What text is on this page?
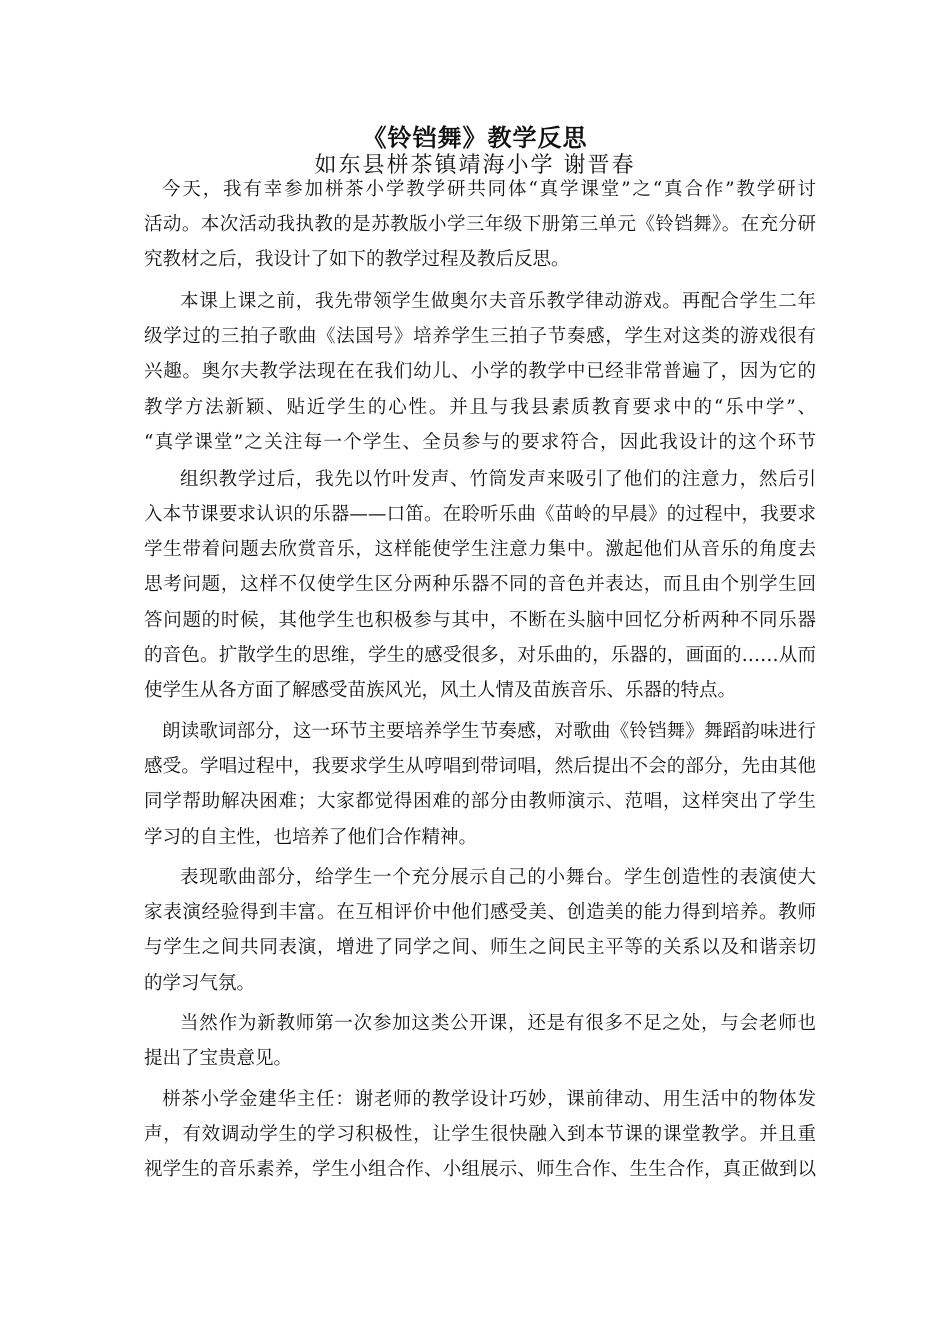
《铃铛舞》教学反思
如东县栟茶镇靖海小学 谢晋春
今天，我有幸参加栟茶小学教学研共同体“真学课堂”之“真合作”教学研讨
活动。本次活动我执教的是苏教版小学三年级下册第三单元《铃铛舞》。在充分研
究教材之后，我设计了如下的教学过程及教后反思。
本课上课之前，我先带领学生做奥尔夫音乐教学律动游戏。再配合学生二年
级学过的三拍子歌曲《法国号》培养学生三拍子节奏感，学生对这类的游戏很有
兴趣。奥尔夫教学法现在在我们幼儿、小学的教学中已经非常普遍了，因为它的
教学方法新颖、贴近学生的心性。并且与我县素质教育要求中的“乐中学”、
“真学课堂”之关注每一个学生、全员参与的要求符合，因此我设计的这个环节
组织教学过后，我先以竹叶发声、竹筒发声来吸引了他们的注意力，然后引
入本节课要求认识的乐器——口笛。在聆听乐曲《苗岭的早晨》的过程中，我要求
学生带着问题去欣赏音乐，这样能使学生注意力集中。激起他们从音乐的角度去
思考问题，这样不仅使学生区分两种乐器不同的音色并表达，而且由个别学生回
答问题的时候，其他学生也积极参与其中，不断在头脑中回忆分析两种不同乐器
的音色。扩散学生的思维，学生的感受很多，对乐曲的，乐器的，画面的……从而
使学生从各方面了解感受苗族风光，风土人情及苗族音乐、乐器的特点。
朗读歌词部分，这一环节主要培养学生节奏感，对歌曲《铃铛舞》舞蹈韵味进行
感受。学唱过程中，我要求学生从哼唱到带词唱，然后提出不会的部分，先由其他
同学帮助解决困难；大家都觉得困难的部分由教师演示、范唱，这样突出了学生
学习的自主性，也培养了他们合作精神。
表现歌曲部分，给学生一个充分展示自己的小舞台。学生创造性的表演使大
家表演经验得到丰富。在互相评价中他们感受美、创造美的能力得到培养。教师
与学生之间共同表演，增进了同学之间、师生之间民主平等的关系以及和谐亲切
的学习气氛。
当然作为新教师第一次参加这类公开课，还是有很多不足之处，与会老师也
提出了宝贵意见。
栟茶小学金建华主任：谢老师的教学设计巧妙，课前律动、用生活中的物体发
声，有效调动学生的学习积极性，让学生很快融入到本节课的课堂教学。并且重
视学生的音乐素养，学生小组合作、小组展示、师生合作、生生合作，真正做到以
